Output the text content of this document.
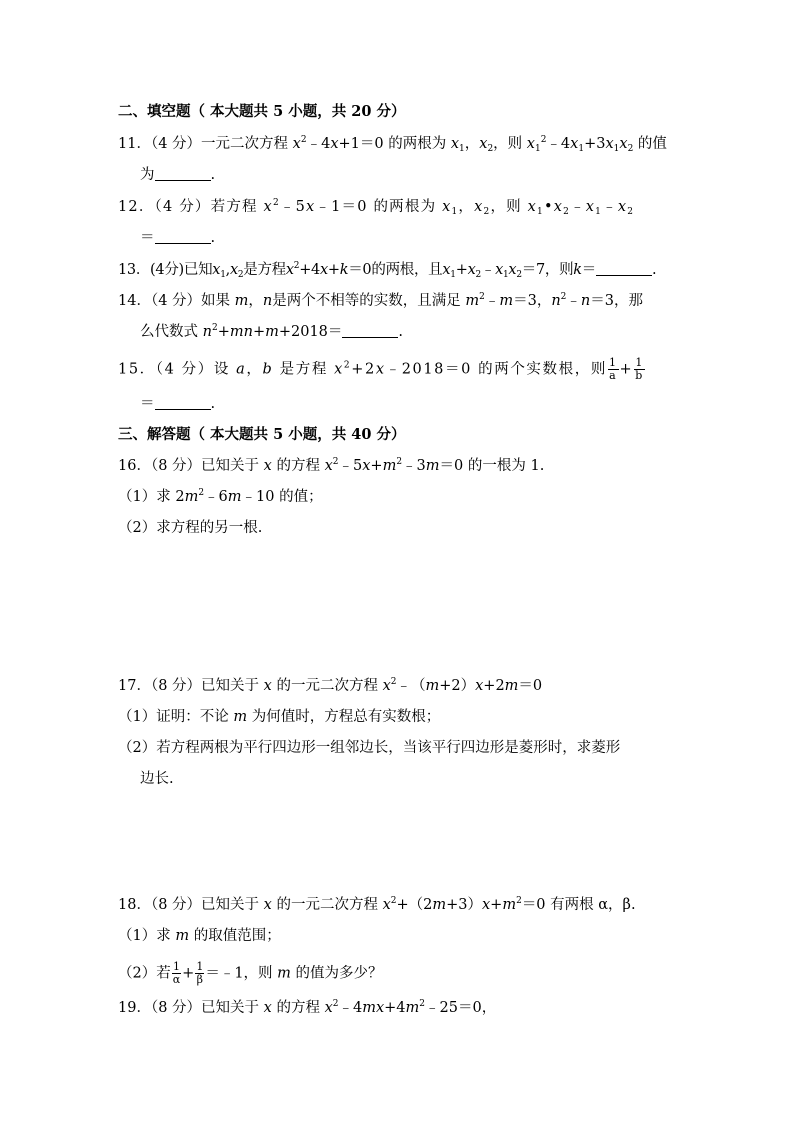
二、填空题（ 本大题共 5 小题，共 20 分）
11．（4 分）一元二次方程 $x^2﹣4x+1=0$ 的两根为 $x_1$，$x_2$，则 $x_1^2﹣4x_1+3x_1x_2$ 的值
为	.
12．（4 分）若方程 $x^2﹣5x﹣1=0$ 的两根为 $x_1$，$x_2$，则 $x_1•x_2﹣x_1﹣x_2$
＝	.
13．(4分)已知$x_1,x_2$是方程$x^2+4x+k=0$的两根，且$x_1+x_2﹣x_1x_2=7$，则k＝	.
14．（4 分）如果 m，n是两个不相等的实数，且满足 $m^2﹣m=3$，$n^2﹣n=3$，那
么代数式 $n^2+mn+m+2018=$	.
15．（4 分）设 a，b 是方程 $x^2+2x﹣2018=0$ 的两个实数根，则 $\frac{1}{a} + \frac{1}{b}$
＝	.
三、解答题（ 本大题共 5 小题，共 40 分）
16．（8 分）已知关于 x 的方程 $x^2﹣5x+m^2﹣3m=0$ 的一根为 1.
（1）求 $2m^2﹣6m﹣10$ 的值；
（2）求方程的另一根.
17．（8 分）已知关于 x 的一元二次方程 $x^2﹣(m+2)x+2m=0$
（1）证明：不论 m 为何值时，方程总有实数根；
（2）若方程两根为平行四边形一组邻边长，当该平行四边形是菱形时，求菱形
边长.
18．（8 分）已知关于 x 的一元二次方程 $x^2+(2m+3)x+m^2=0$ 有两根 α，β.
（1）求 m 的取值范围；
（2）若 $\frac{1}{\alpha} + \frac{1}{\beta}$ ＝﹣1，则 m 的值为多少？
19．（8 分）已知关于 x 的方程 $x^2﹣4mx+4m^2﹣25=0$，
